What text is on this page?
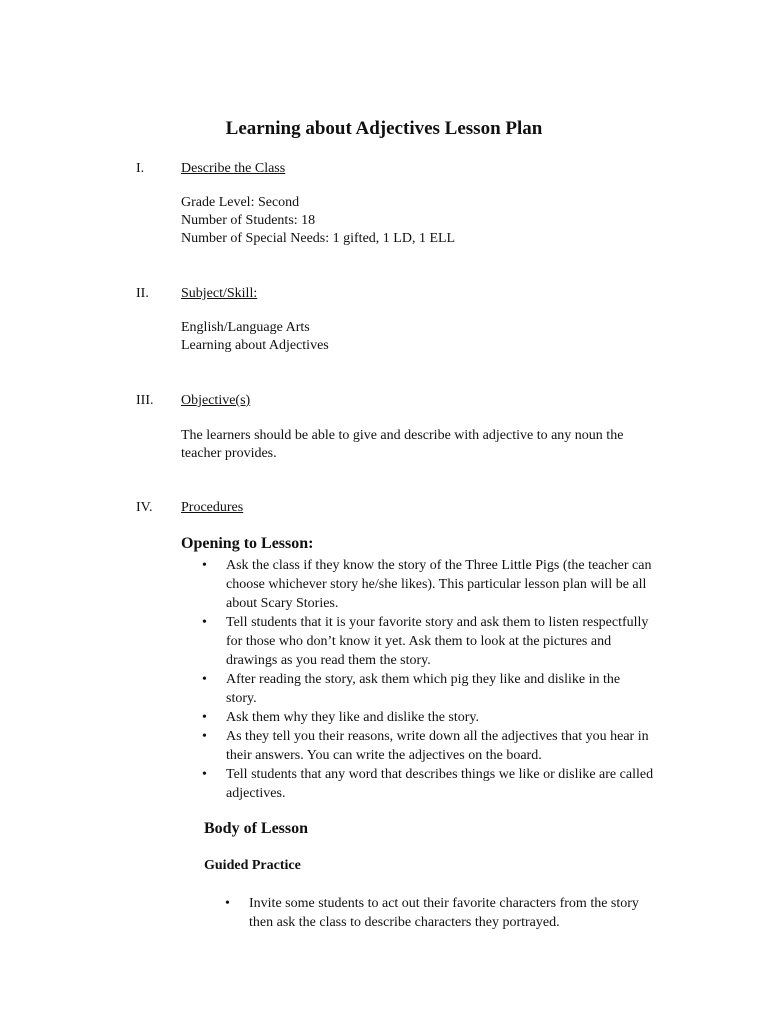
Learning about Adjectives Lesson Plan
I.	Describe the Class
Grade Level: Second
Number of Students: 18
Number of Special Needs: 1 gifted, 1 LD, 1 ELL
II. Subject/Skill:
English/Language Arts
Learning about Adjectives
III. Objective(s)
The learners should be able to give and describe with adjective to any noun the teacher provides.
IV. Procedures
Opening to Lesson:
• Ask the class if they know the story of the Three Little Pigs (the teacher can choose whichever story he/she likes). This particular lesson plan will be all about Scary Stories.
• Tell students that it is your favorite story and ask them to listen respectfully for those who don’t know it yet. Ask them to look at the pictures and drawings as you read them the story.
• After reading the story, ask them which pig they like and dislike in the story.
• Ask them why they like and dislike the story.
• As they tell you their reasons, write down all the adjectives that you hear in their answers. You can write the adjectives on the board.
• Tell students that any word that describes things we like or dislike are called adjectives.
Body of Lesson
Guided Practice
• Invite some students to act out their favorite characters from the story then ask the class to describe characters they portrayed.
